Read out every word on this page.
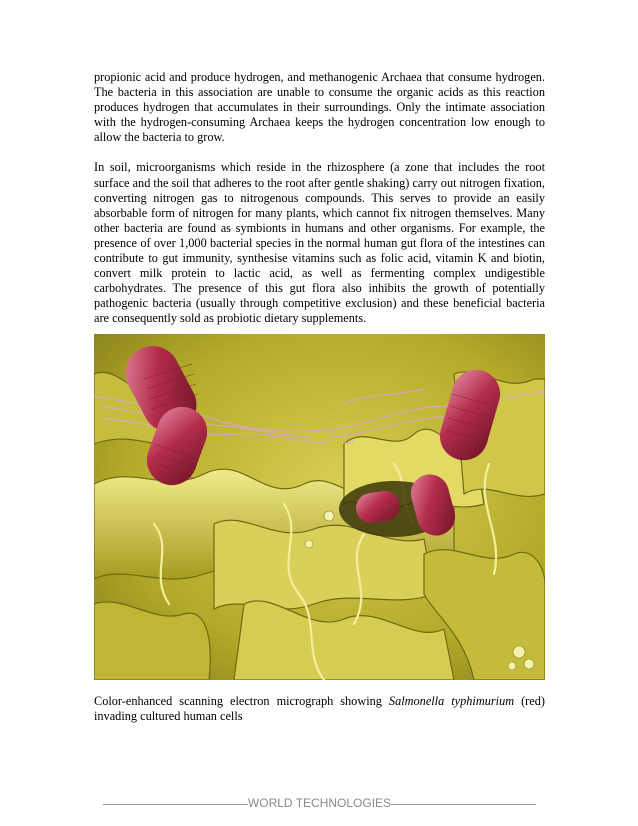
propionic acid and produce hydrogen, and methanogenic Archaea that consume hydrogen. The bacteria in this association are unable to consume the organic acids as this reaction produces hydrogen that accumulates in their surroundings. Only the intimate association with the hydrogen-consuming Archaea keeps the hydrogen concentration low enough to allow the bacteria to grow.

In soil, microorganisms which reside in the rhizosphere (a zone that includes the root surface and the soil that adheres to the root after gentle shaking) carry out nitrogen fixation, converting nitrogen gas to nitrogenous compounds. This serves to provide an easily absorbable form of nitrogen for many plants, which cannot fix nitrogen themselves. Many other bacteria are found as symbionts in humans and other organisms. For example, the presence of over 1,000 bacterial species in the normal human gut flora of the intestines can contribute to gut immunity, synthesise vitamins such as folic acid, vitamin K and biotin, convert milk protein to lactic acid, as well as fermenting complex undigestible carbohydrates. The presence of this gut flora also inhibits the growth of potentially pathogenic bacteria (usually through competitive exclusion) and these beneficial bacteria are consequently sold as probiotic dietary supplements.

Color-enhanced scanning electron micrograph showing Salmonella typhimurium (red) invading cultured human cells

WORLD TECHNOLOGIES
